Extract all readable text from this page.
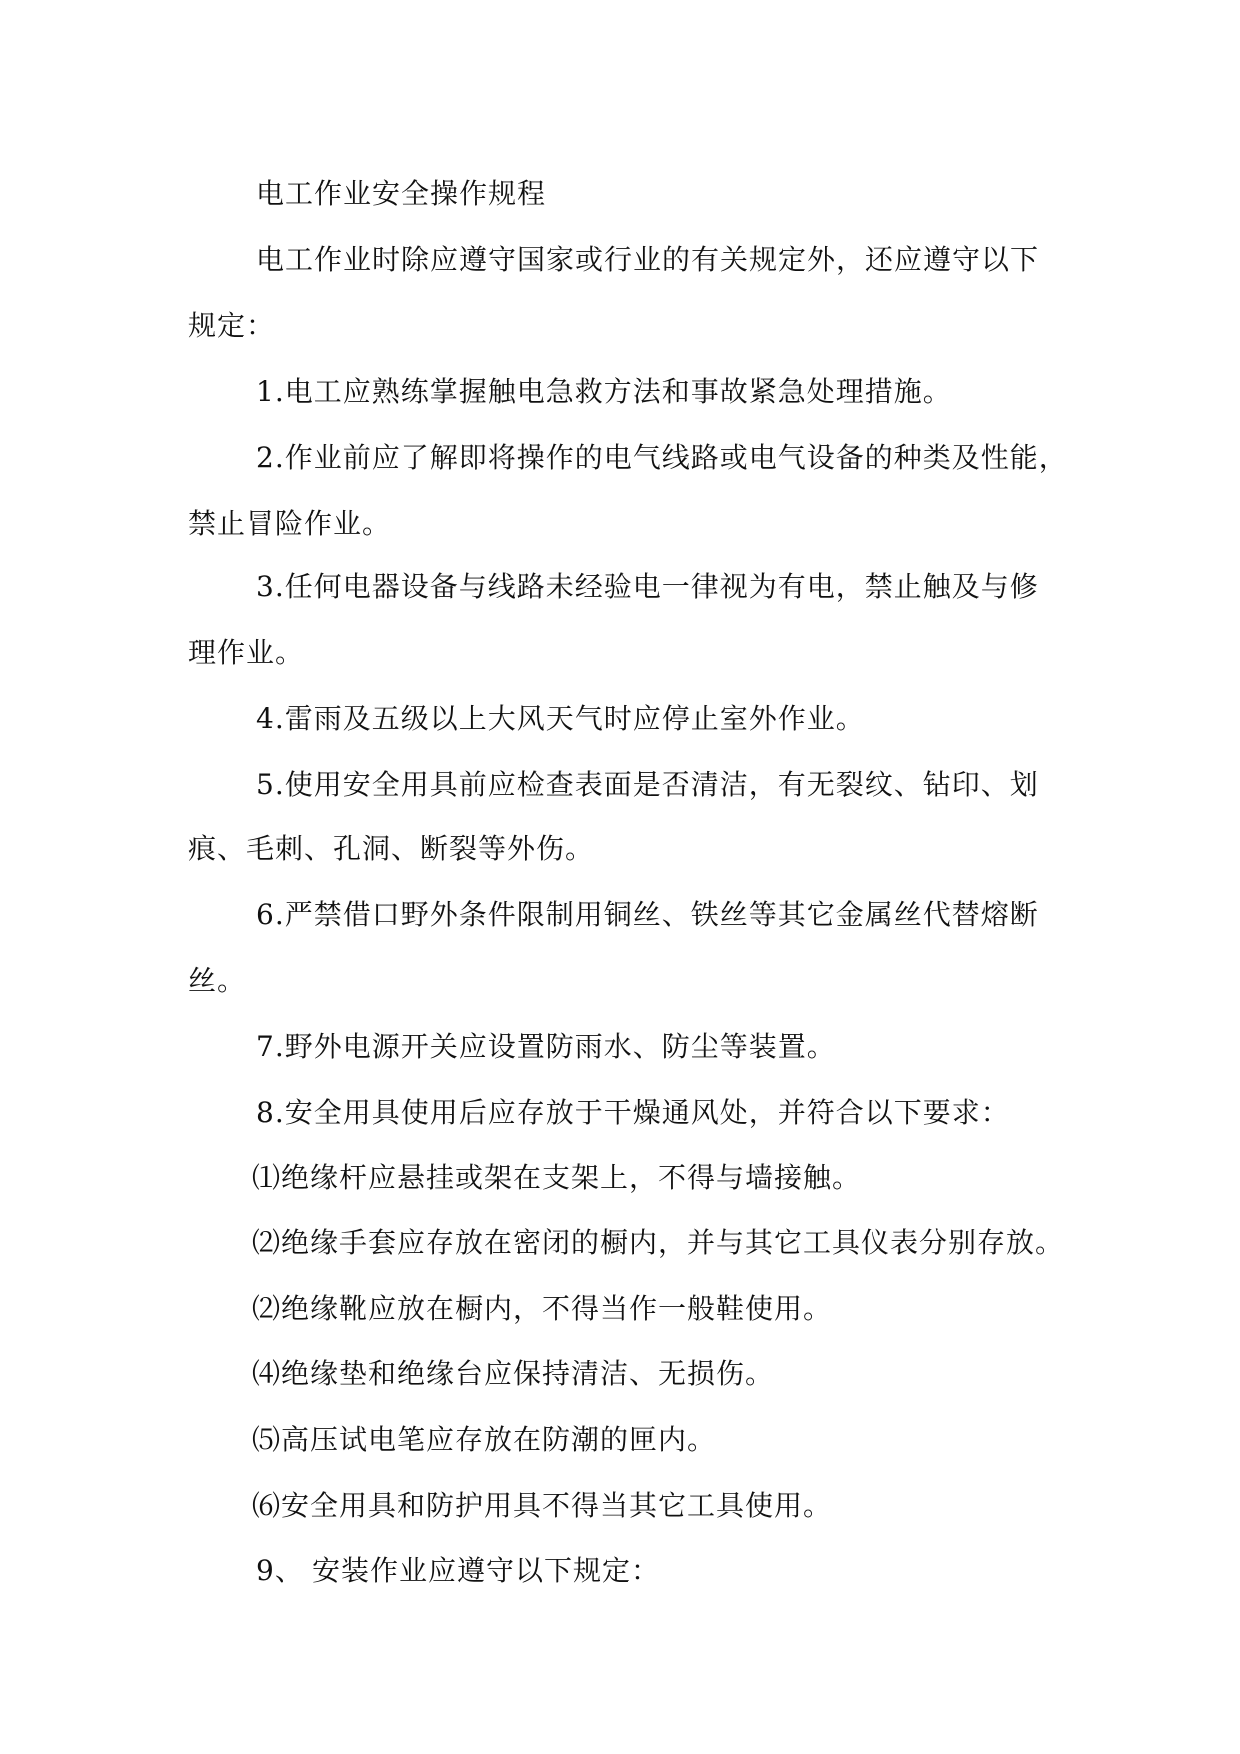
电工作业安全操作规程
电工作业时除应遵守国家或行业的有关规定外，还应遵守以下
规定：
1.电工应熟练掌握触电急救方法和事故紧急处理措施。
2.作业前应了解即将操作的电气线路或电气设备的种类及性能，
禁止冒险作业。
3.任何电器设备与线路未经验电一律视为有电，禁止触及与修
理作业。
4.雷雨及五级以上大风天气时应停止室外作业。
5.使用安全用具前应检查表面是否清洁，有无裂纹、钻印、划
痕、毛刺、孔洞、断裂等外伤。
6.严禁借口野外条件限制用铜丝、铁丝等其它金属丝代替熔断
丝。
7.野外电源开关应设置防雨水、防尘等装置。
8.安全用具使用后应存放于干燥通风处，并符合以下要求：
⑴绝缘杆应悬挂或架在支架上，不得与墙接触。
⑵绝缘手套应存放在密闭的橱内，并与其它工具仪表分别存放。
⑵绝缘靴应放在橱内，不得当作一般鞋使用。
⑷绝缘垫和绝缘台应保持清洁、无损伤。
⑸高压试电笔应存放在防潮的匣内。
⑹安全用具和防护用具不得当其它工具使用。
9、 安装作业应遵守以下规定：
